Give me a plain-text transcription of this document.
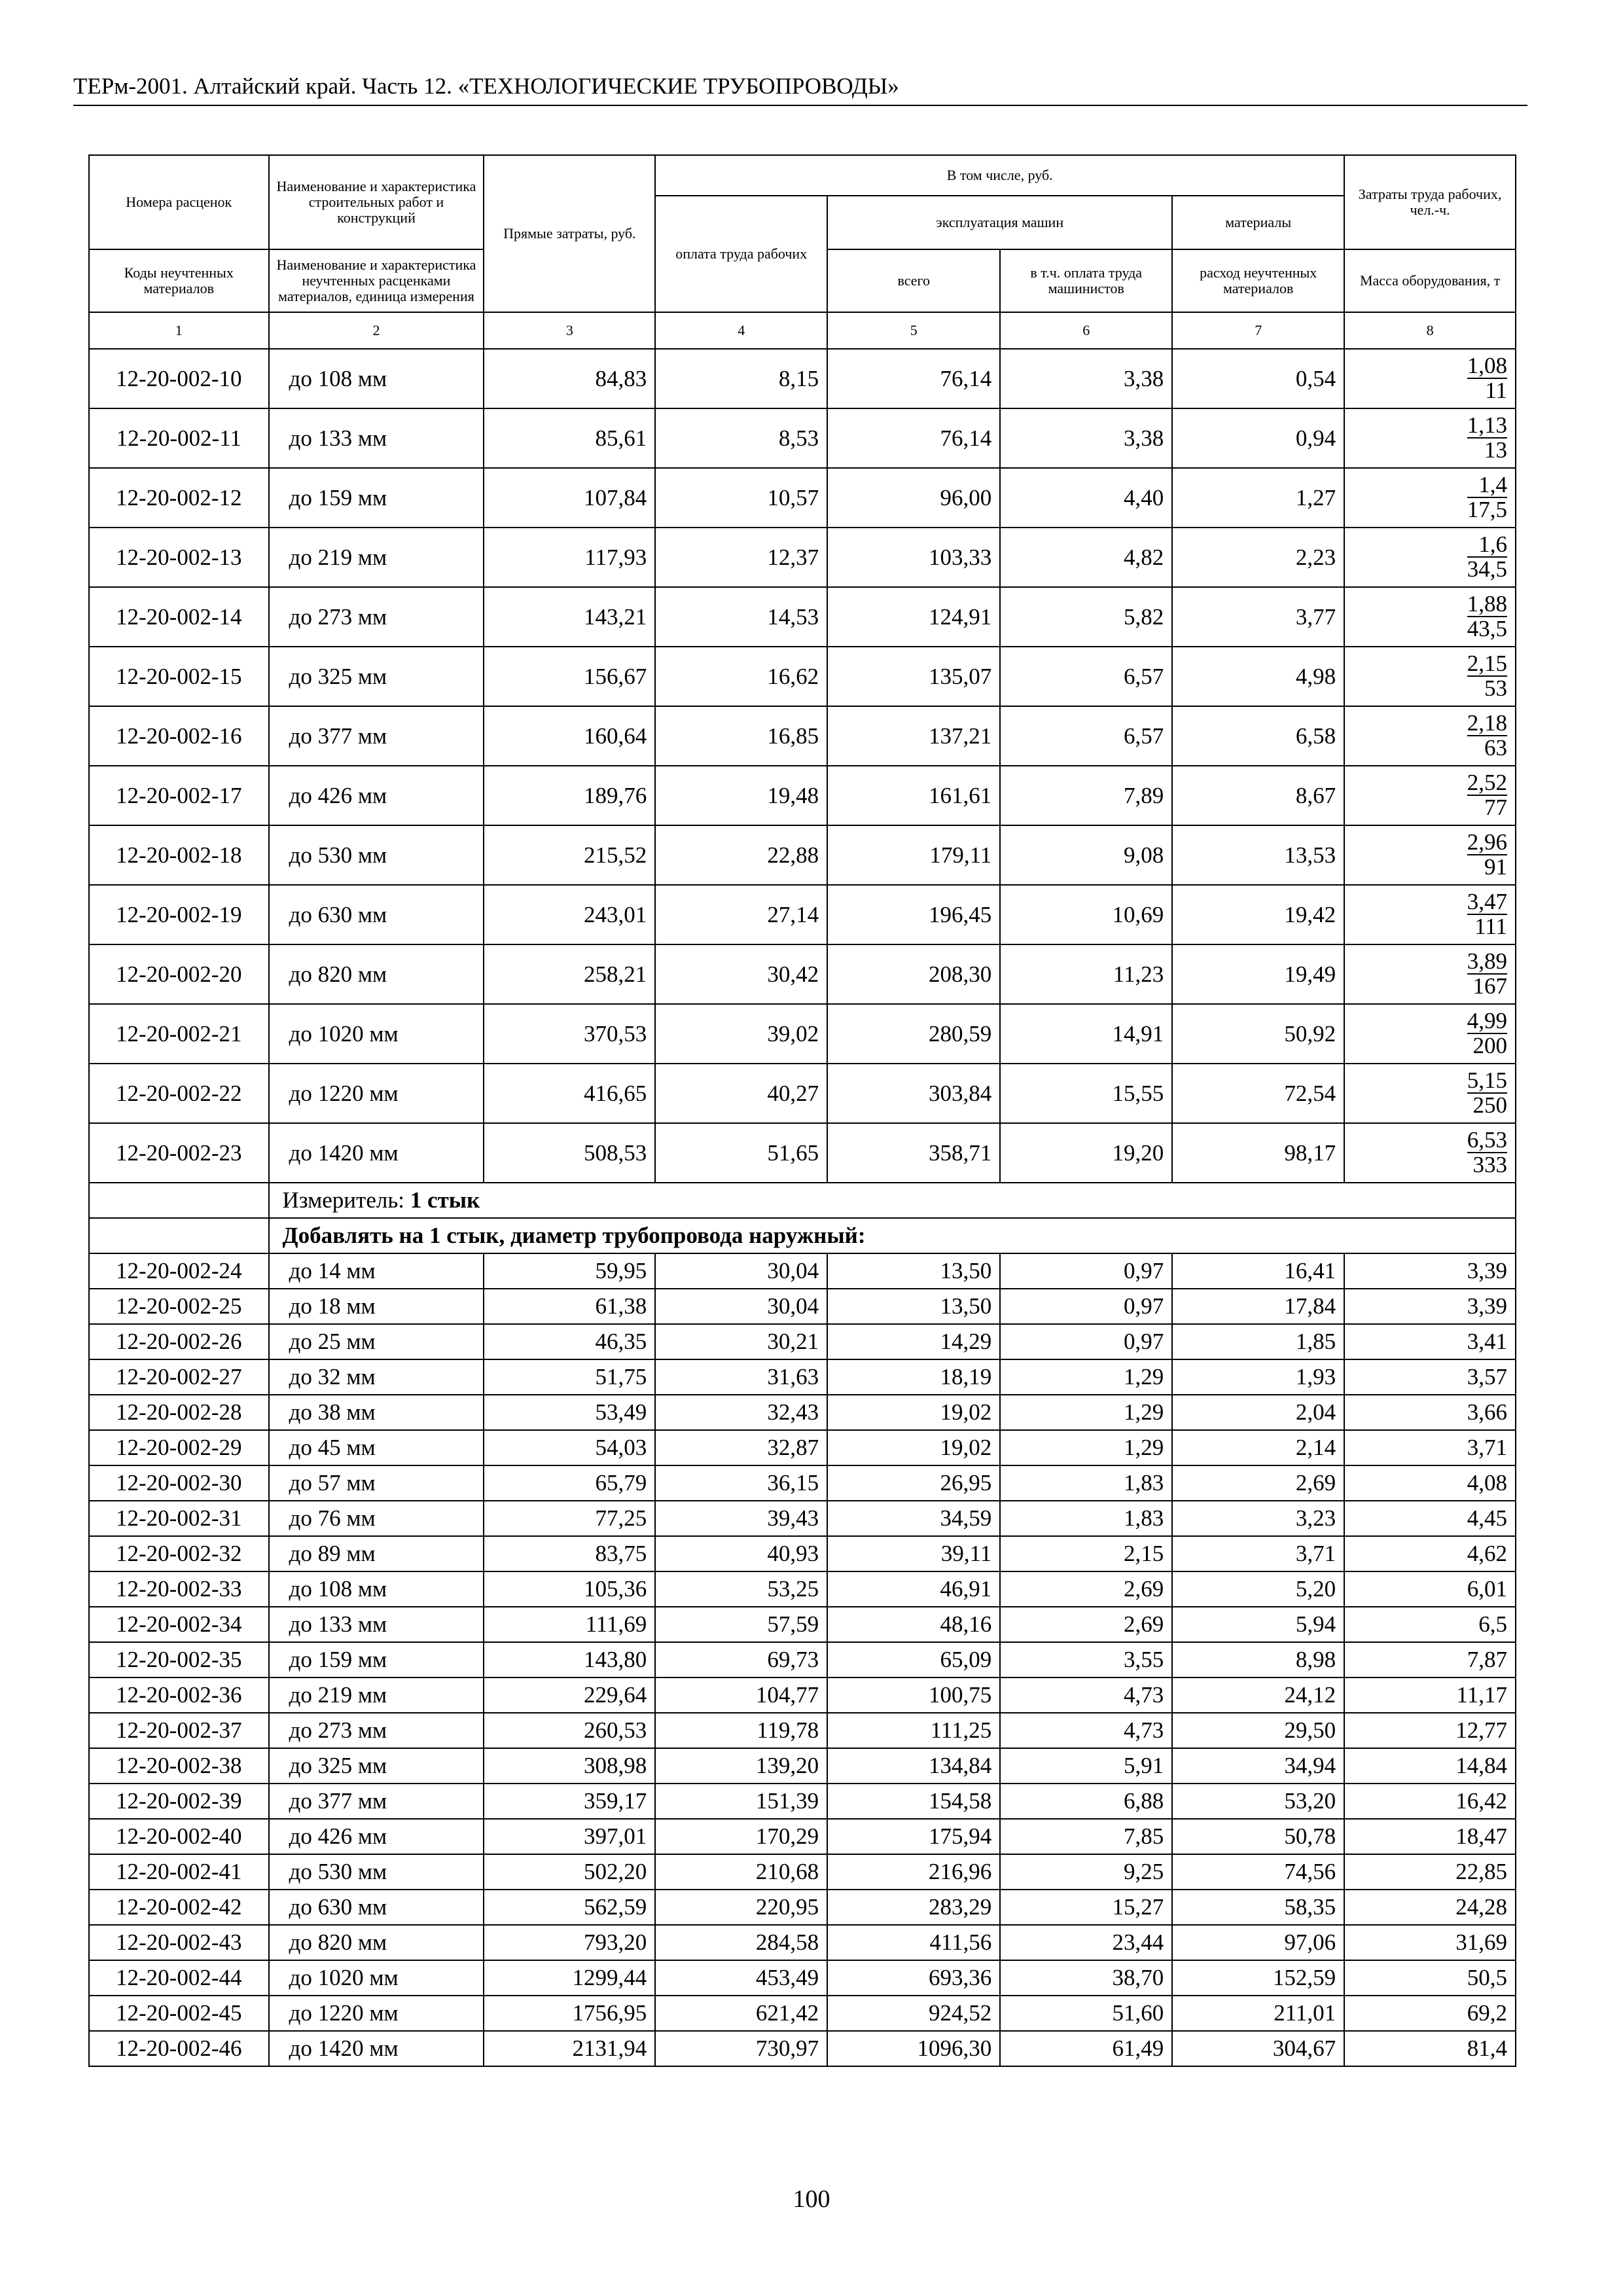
ТЕРм-2001. Алтайский край. Часть 12. «ТЕХНОЛОГИЧЕСКИЕ ТРУБОПРОВОДЫ»
Номера расценок	Наименование и характеристика строительных работ и конструкций	Прямые затраты, руб.	В том числе, руб.				Затраты труда рабочих, чел.-ч.
			оплата труда рабочих	эксплуатация машин		материалы	
Коды неучтенных материалов	Наименование и характеристика неучтенных расценками материалов, единица измерения			всего	в т.ч. оплата труда машинистов	расход неучтенных материалов	Масса оборудования, т
1	2	3	4	5	6	7	8
12-20-002-10	до 108 мм	84,83	8,15	76,14	3,38	0,54	$\frac{1,08}{11}$

12-20-002-11	до 133 мм	85,61	8,53	76,14	3,38	0,94	$\frac{1,13}{13}$

12-20-002-12	до 159 мм	107,84	10,57	96,00	4,40	1,27	$\frac{1,4}{17,5}$

12-20-002-13	до 219 мм	117,93	12,37	103,33	4,82	2,23	$\frac{1,6}{34,5}$

12-20-002-14	до 273 мм	143,21	14,53	124,91	5,82	3,77	$\frac{1,88}{43,5}$

12-20-002-15	до 325 мм	156,67	16,62	135,07	6,57	4,98	$\frac{2,15}{53}$

12-20-002-16	до 377 мм	160,64	16,85	137,21	6,57	6,58	$\frac{2,18}{63}$

12-20-002-17	до 426 мм	189,76	19,48	161,61	7,89	8,67	$\frac{2,52}{77}$

12-20-002-18	до 530 мм	215,52	22,88	179,11	9,08	13,53	$\frac{2,96}{91}$

12-20-002-19	до 630 мм	243,01	27,14	196,45	10,69	19,42	$\frac{3,47}{111}$

12-20-002-20	до 820 мм	258,21	30,42	208,30	11,23	19,49	$\frac{3,89}{167}$

12-20-002-21	до 1020 мм	370,53	39,02	280,59	14,91	50,92	$\frac{4,99}{200}$

12-20-002-22	до 1220 мм	416,65	40,27	303,84	15,55	72,54	$\frac{5,15}{250}$

12-20-002-23	до 1420 мм	508,53	51,65	358,71	19,20	98,17	$\frac{6,53}{333}$

	Измеритель: 1 стык						
	Добавлять на 1 стык, диаметр трубопровода наружный:						
12-20-002-24	до 14 мм	59,95	30,04	13,50	0,97	16,41	3,39
12-20-002-25	до 18 мм	61,38	30,04	13,50	0,97	17,84	3,39
12-20-002-26	до 25 мм	46,35	30,21	14,29	0,97	1,85	3,41
12-20-002-27	до 32 мм	51,75	31,63	18,19	1,29	1,93	3,57
12-20-002-28	до 38 мм	53,49	32,43	19,02	1,29	2,04	3,66
12-20-002-29	до 45 мм	54,03	32,87	19,02	1,29	2,14	3,71
12-20-002-30	до 57 мм	65,79	36,15	26,95	1,83	2,69	4,08
12-20-002-31	до 76 мм	77,25	39,43	34,59	1,83	3,23	4,45
12-20-002-32	до 89 мм	83,75	40,93	39,11	2,15	3,71	4,62
12-20-002-33	до 108 мм	105,36	53,25	46,91	2,69	5,20	6,01
12-20-002-34	до 133 мм	111,69	57,59	48,16	2,69	5,94	6,5
12-20-002-35	до 159 мм	143,80	69,73	65,09	3,55	8,98	7,87
12-20-002-36	до 219 мм	229,64	104,77	100,75	4,73	24,12	11,17
12-20-002-37	до 273 мм	260,53	119,78	111,25	4,73	29,50	12,77
12-20-002-38	до 325 мм	308,98	139,20	134,84	5,91	34,94	14,84
12-20-002-39	до 377 мм	359,17	151,39	154,58	6,88	53,20	16,42
12-20-002-40	до 426 мм	397,01	170,29	175,94	7,85	50,78	18,47
12-20-002-41	до 530 мм	502,20	210,68	216,96	9,25	74,56	22,85
12-20-002-42	до 630 мм	562,59	220,95	283,29	15,27	58,35	24,28
12-20-002-43	до 820 мм	793,20	284,58	411,56	23,44	97,06	31,69
12-20-002-44	до 1020 мм	1299,44	453,49	693,36	38,70	152,59	50,5
12-20-002-45	до 1220 мм	1756,95	621,42	924,52	51,60	211,01	69,2
12-20-002-46	до 1420 мм	2131,94	730,97	1096,30	61,49	304,67	81,4
100
